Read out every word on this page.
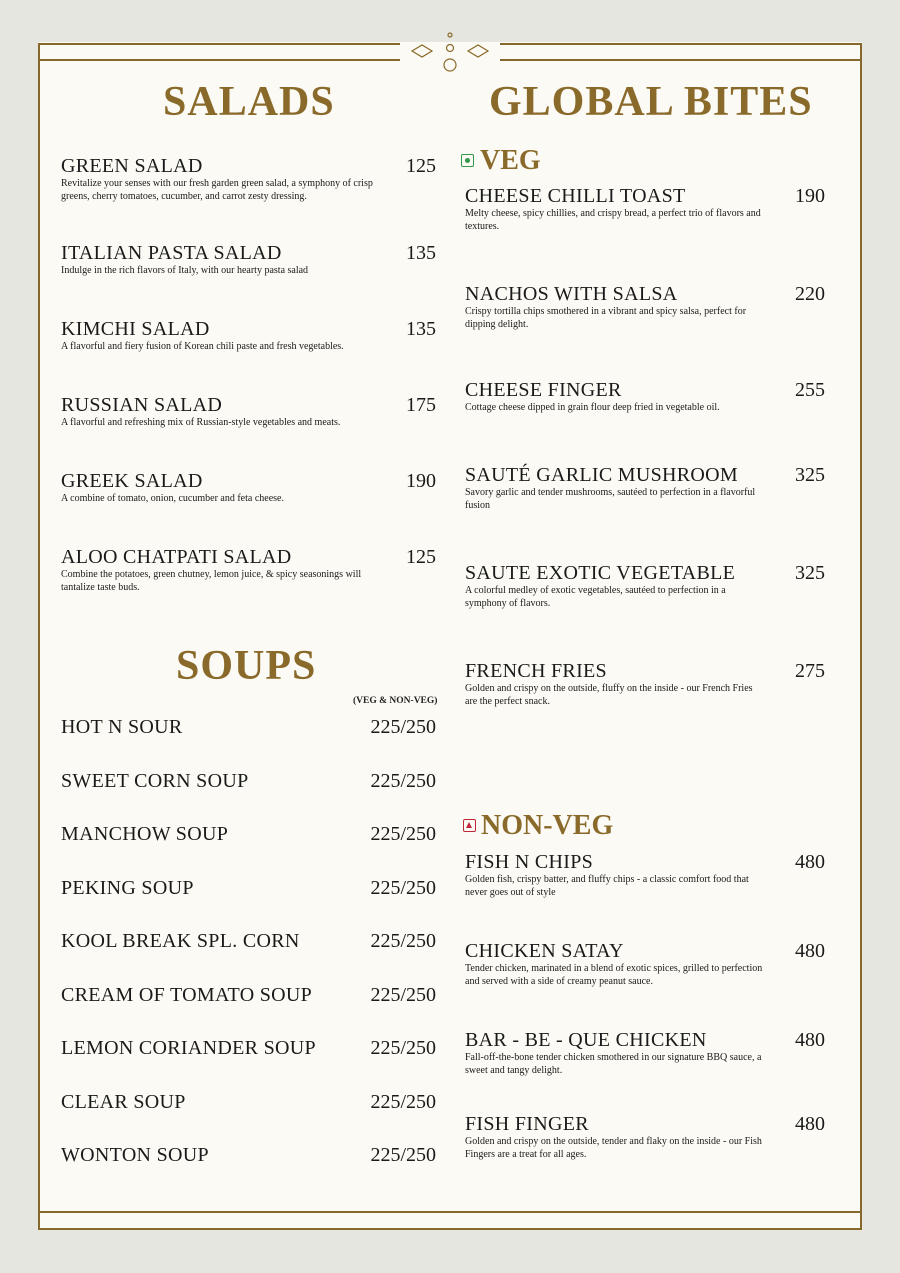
SALADS	GLOBAL BITES
SOUPS
(VEG & NON-VEG)
VEG
NON-VEG
GREEN SALAD	125
Revitalize your senses with our fresh garden green salad, a symphony of crisp greens, cherry tomatoes, cucumber, and carrot zesty dressing.
ITALIAN PASTA SALAD	135
Indulge in the rich flavors of Italy, with our hearty pasta salad
KIMCHI SALAD	135
A flavorful and fiery fusion of Korean chili paste and fresh vegetables.
RUSSIAN SALAD	175
A flavorful and refreshing mix of Russian-style vegetables and meats.
GREEK SALAD	190
A combine of tomato, onion, cucumber and feta cheese.
ALOO CHATPATI SALAD	125
Combine the potatoes, green chutney, lemon juice, & spicy seasonings will tantalize taste buds.
HOT N SOUR	225/250
SWEET CORN SOUP	225/250
MANCHOW SOUP	225/250
PEKING SOUP	225/250
KOOL BREAK SPL. CORN	225/250
CREAM OF TOMATO SOUP	225/250
LEMON CORIANDER SOUP	225/250
CLEAR SOUP	225/250
WONTON SOUP	225/250
CHEESE CHILLI TOAST	190
Melty cheese, spicy chillies, and crispy bread, a perfect trio of flavors and textures.
NACHOS WITH SALSA	220
Crispy tortilla chips smothered in a vibrant and spicy salsa, perfect for dipping delight.
CHEESE FINGER	255
Cottage cheese dipped in grain flour deep fried in vegetable oil.
SAUTÉ GARLIC MUSHROOM	325
Savory garlic and tender mushrooms, sautéed to perfection in a flavorful fusion
SAUTE EXOTIC VEGETABLE	325
A colorful medley of exotic vegetables, sautéed to perfection in a symphony of flavors.
FRENCH FRIES	275
Golden and crispy on the outside, fluffy on the inside - our French Fries are the perfect snack.
FISH N CHIPS	480
Golden fish, crispy batter, and fluffy chips - a classic comfort food that never goes out of style
CHICKEN SATAY	480
Tender chicken, marinated in a blend of exotic spices, grilled to perfection and served with a side of creamy peanut sauce.
BAR - BE - QUE CHICKEN	480
Fall-off-the-bone tender chicken smothered in our signature BBQ sauce, a sweet and tangy delight.
FISH FINGER	480
Golden and crispy on the outside, tender and flaky on the inside - our Fish Fingers are a treat for all ages.
